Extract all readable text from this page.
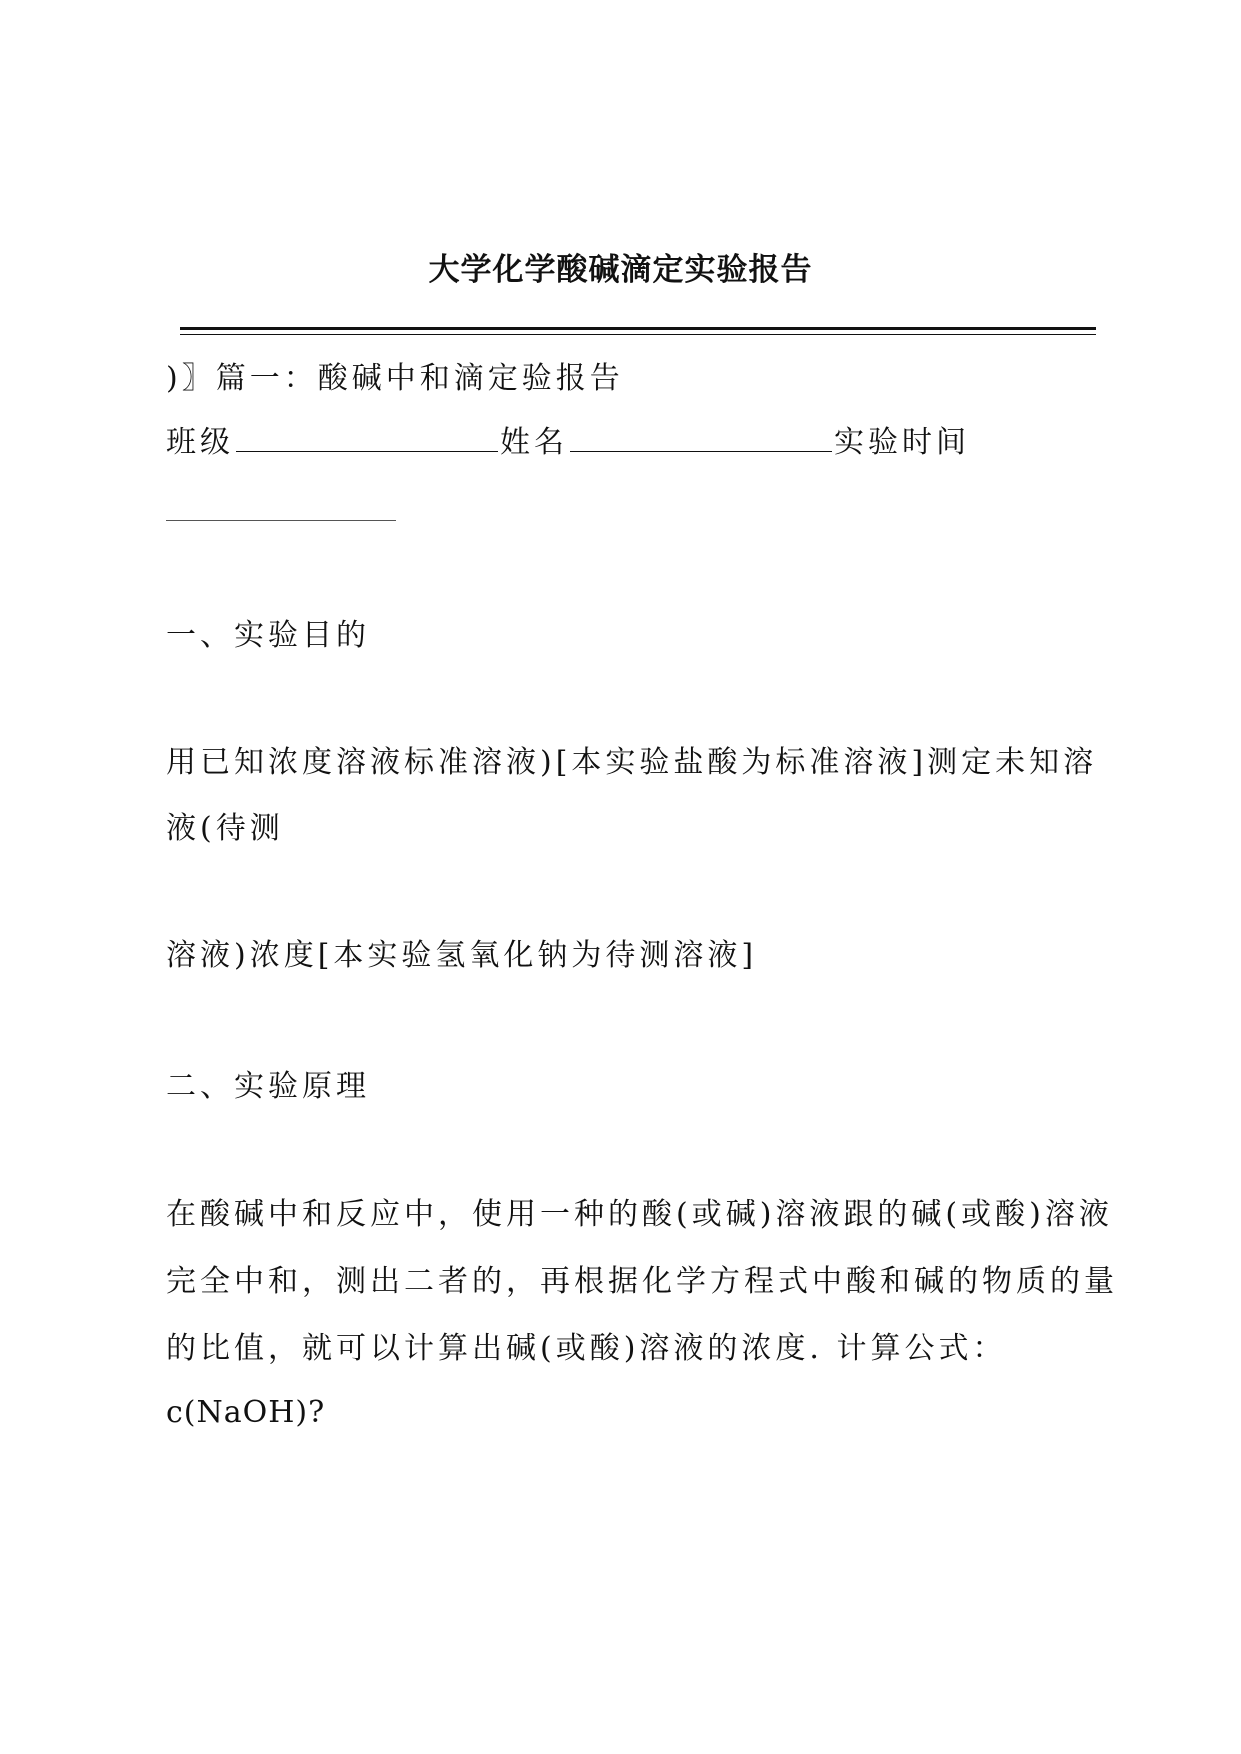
大学化学酸碱滴定实验报告
)〗篇一：酸碱中和滴定验报告
班级	姓名	实验时间
一、实验目的
用已知浓度溶液标准溶液)[本实验盐酸为标准溶液]测定未知溶
液(待测
溶液)浓度[本实验氢氧化钠为待测溶液]
二、实验原理
在酸碱中和反应中，使用一种的酸(或碱)溶液跟的碱(或酸)溶液
完全中和，测出二者的，再根据化学方程式中酸和碱的物质的量
的比值，就可以计算出碱(或酸)溶液的浓度. 计算公式：
c(NaOH)?
